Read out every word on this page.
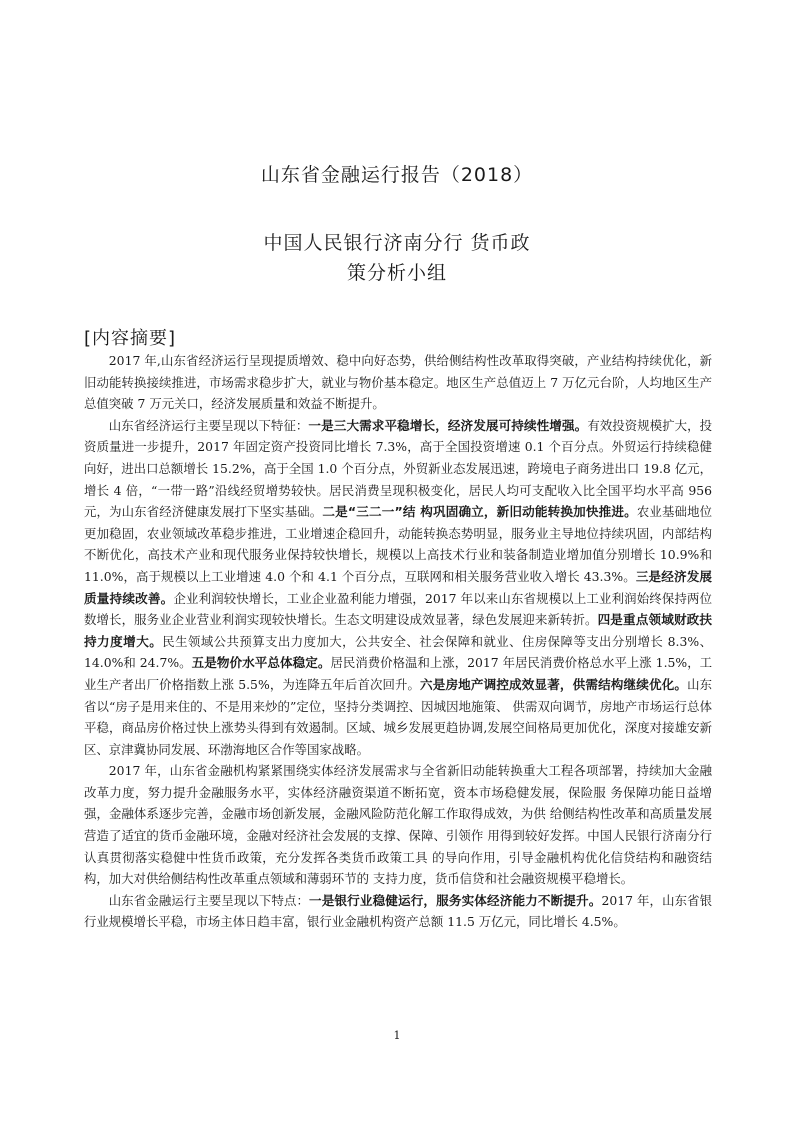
山东省金融运行报告（2018）
中国人民银行济南分行 货币政
策分析小组
[内容摘要]

2017 年,山东省经济运行呈现提质增效、稳中向好态势，供给侧结构性改革取得突破，产业结构持续优化，新旧动能转换接续推进，市场需求稳步扩大，就业与物价基本稳定。地区生产总值迈上 7 万亿元台阶，人均地区生产总值突破 7 万元关口，经济发展质量和效益不断提升。

山东省经济运行主要呈现以下特征：一是三大需求平稳增长，经济发展可持续性增强。有效投资规模扩大，投资质量进一步提升，2017 年固定资产投资同比增长 7.3%，高于全国投资增速 0.1 个百分点。外贸运行持续稳健向好，进出口总额增长 15.2%，高于全国 1.0 个百分点，外贸新业态发展迅速，跨境电子商务进出口 19.8 亿元，增长 4 倍，“一带一路”沿线经贸增势较快。居民消费呈现积极变化，居民人均可支配收入比全国平均水平高 956 元，为山东省经济健康发展打下坚实基础。二是“三二一”结 构巩固确立，新旧动能转换加快推进。农业基础地位更加稳固，农业领域改革稳步推进，工业增速企稳回升，动能转换态势明显，服务业主导地位持续巩固，内部结构不断优化，高技术产业和现代服务业保持较快增长，规模以上高技术行业和装备制造业增加值分别增长 10.9%和 11.0%，高于规模以上工业增速 4.0 个和 4.1 个百分点，互联网和相关服务营业收入增长 43.3%。三是经济发展质量持续改善。企业利润较快增长，工业企业盈利能力增强，2017 年以来山东省规模以上工业利润始终保持两位数增长，服务业企业营业利润实现较快增长。生态文明建设成效显著，绿色发展迎来新转折。四是重点领域财政扶持力度增大。民生领域公共预算支出力度加大，公共安全、社会保障和就业、住房保障等支出分别增长 8.3%、14.0%和 24.7%。五是物价水平总体稳定。居民消费价格温和上涨，2017 年居民消费价格总水平上涨 1.5%，工业生产者出厂价格指数上涨 5.5%，为连降五年后首次回升。六是房地产调控成效显著，供需结构继续优化。山东省以“房子是用来住的、不是用来炒的”定位，坚持分类调控、因城因地施策、 供需双向调节，房地产市场运行总体平稳，商品房价格过快上涨势头得到有效遏制。区域、城乡发展更趋协调,发展空间格局更加优化，深度对接雄安新区、京津冀协同发展、环渤海地区合作等国家战略。

2017 年，山东省金融机构紧紧围绕实体经济发展需求与全省新旧动能转换重大工程各项部署，持续加大金融改革力度，努力提升金融服务水平，实体经济融资渠道不断拓宽，资本市场稳健发展，保险服 务保障功能日益增强，金融体系逐步完善，金融市场创新发展，金融风险防范化解工作取得成效，为供 给侧结构性改革和高质量发展营造了适宜的货币金融环境，金融对经济社会发展的支撑、保障、引领作 用得到较好发挥。中国人民银行济南分行认真贯彻落实稳健中性货币政策，充分发挥各类货币政策工具 的导向作用，引导金融机构优化信贷结构和融资结构，加大对供给侧结构性改革重点领域和薄弱环节的 支持力度，货币信贷和社会融资规模平稳增长。

山东省金融运行主要呈现以下特点：一是银行业稳健运行，服务实体经济能力不断提升。2017 年，山东省银行业规模增长平稳，市场主体日趋丰富，银行业金融机构资产总额 11.5 万亿元，同比增长 4.5%。

1
